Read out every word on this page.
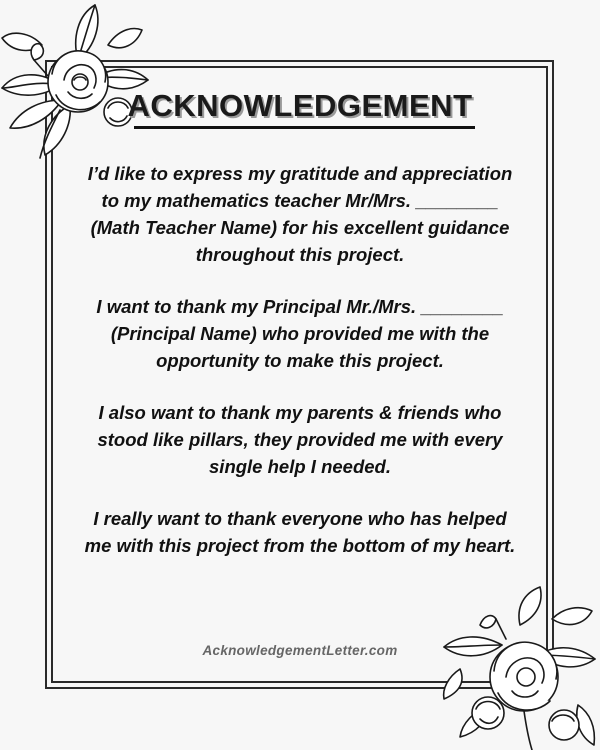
ACKNOWLEDGEMENT

I’d like to express my gratitude and appreciation to my mathematics teacher Mr/Mrs. ________ (Math Teacher Name) for his excellent guidance throughout this project.

I want to thank my Principal Mr./Mrs. ________ (Principal Name) who provided me with the opportunity to make this project.

I also want to thank my parents & friends who stood like pillars, they provided me with every single help I needed.

I really want to thank everyone who has helped me with this project from the bottom of my heart.

AcknowledgementLetter.com
